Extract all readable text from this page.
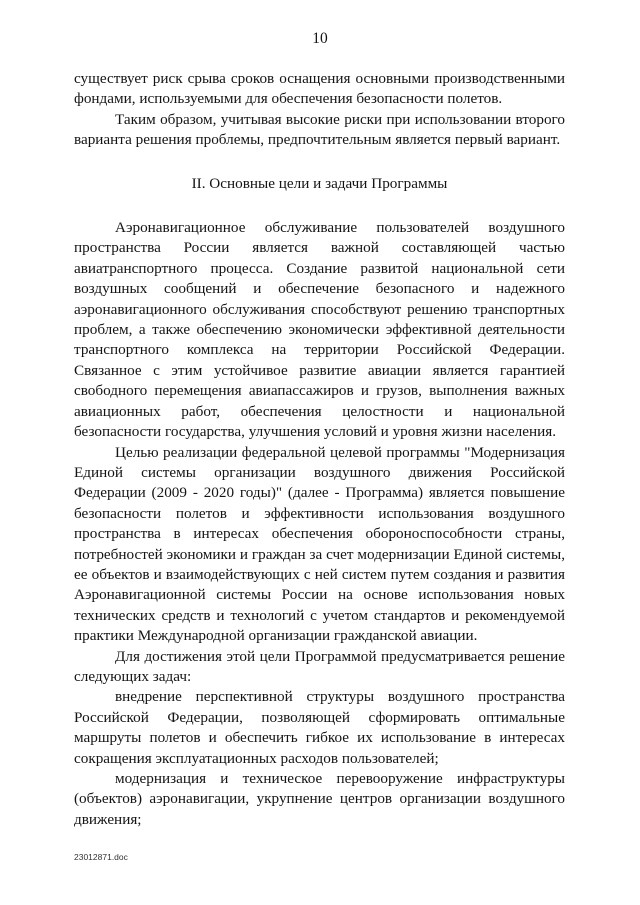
10

существует риск срыва сроков оснащения основными производственными фондами, используемыми для обеспечения безопасности полетов.

Таким образом, учитывая высокие риски при использовании второго варианта решения проблемы, предпочтительным является первый вариант.

II. Основные цели и задачи Программы

Аэронавигационное обслуживание пользователей воздушного пространства России является важной составляющей частью авиатранспортного процесса. Создание развитой национальной сети воздушных сообщений и обеспечение безопасного и надежного аэронавигационного обслуживания способствуют решению транспортных проблем, а также обеспечению экономически эффективной деятельности транспортного комплекса на территории Российской Федерации. Связанное с этим устойчивое развитие авиации является гарантией свободного перемещения авиапассажиров и грузов, выполнения важных авиационных работ, обеспечения целостности и национальной безопасности государства, улучшения условий и уровня жизни населения.

Целью реализации федеральной целевой программы "Модернизация Единой системы организации воздушного движения Российской Федерации (2009 - 2020 годы)" (далее - Программа) является повышение безопасности полетов и эффективности использования воздушного пространства в интересах обеспечения обороноспособности страны, потребностей экономики и граждан за счет модернизации Единой системы, ее объектов и взаимодействующих с ней систем путем создания и развития Аэронавигационной системы России на основе использования новых технических средств и технологий с учетом стандартов и рекомендуемой практики Международной организации гражданской авиации.

Для достижения этой цели Программой предусматривается решение следующих задач:

внедрение перспективной структуры воздушного пространства Российской Федерации, позволяющей сформировать оптимальные маршруты полетов и обеспечить гибкое их использование в интересах сокращения эксплуатационных расходов пользователей;

модернизация и техническое перевооружение инфраструктуры (объектов) аэронавигации, укрупнение центров организации воздушного движения;

23012871.doc
